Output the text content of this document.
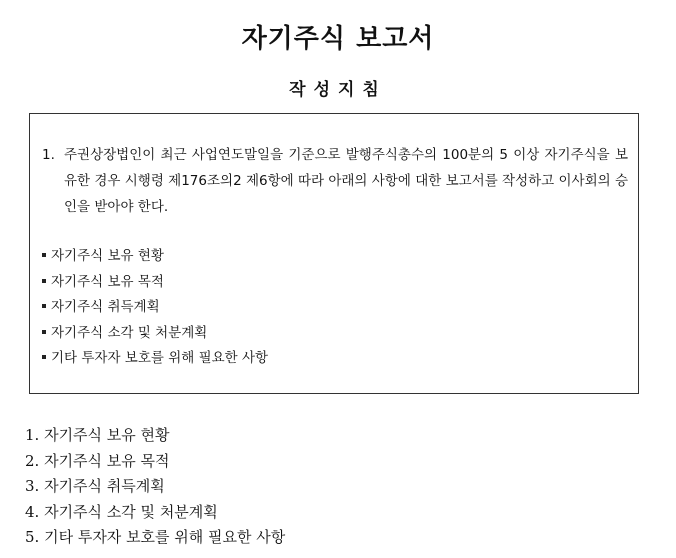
자기주식 보고서
작성지침
1. 주권상장법인이 최근 사업연도말일을 기준으로 발행주식총수의 100분의 5 이상 자기주식을 보유한 경우 시행령 제176조의2 제6항에 따라 아래의 사항에 대한 보고서를 작성하고 이사회의 승인을 받아야 한다.
자기주식 보유 현황
자기주식 보유 목적
자기주식 취득계획
자기주식 소각 및 처분계획
기타 투자자 보호를 위해 필요한 사항
1. 자기주식 보유 현황
2. 자기주식 보유 목적
3. 자기주식 취득계획
4. 자기주식 소각 및 처분계획
5. 기타 투자자 보호를 위해 필요한 사항
